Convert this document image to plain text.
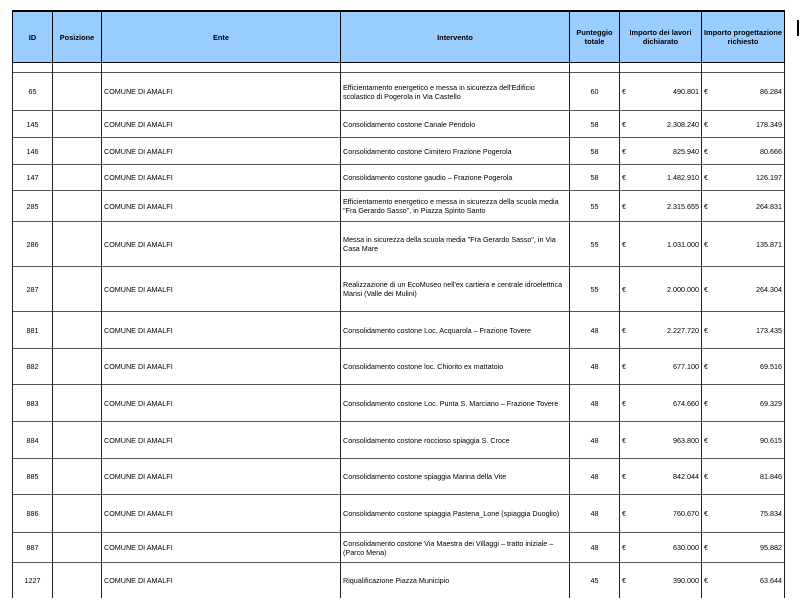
ID	Posizione	Ente	Intervento	Punteggio totale	Importo dei lavori dichiarato	Importo progettazione richiesto

65		COMUNE DI AMALFI	Efficientamento energetico e messa in sicurezza dell'Edificio scolastico di Pogerola in Via Castello	60	€ 490.801	€ 86.284

145		COMUNE DI AMALFI	Consolidamento costone Canale Pendolo	58	€ 2.308.240	€ 178.349

146		COMUNE DI AMALFI	Consolidamento costone Cimitero Frazione Pogerola	58	€ 825.940	€ 80.666

147		COMUNE DI AMALFI	Consolidamento costone gaudio – Frazione Pogerola	58	€ 1.482.910	€ 126.197

285		COMUNE DI AMALFI	Efficientamento energetico e messa in sicurezza della scuola media "Fra Gerardo Sasso", in Piazza Spirito Santo	55	€ 2.315.655	€ 264.831

286		COMUNE DI AMALFI	Messa in sicurezza della scuola media "Fra Gerardo Sasso", in Via Casa Mare	55	€ 1.031.000	€ 135.871

287		COMUNE DI AMALFI	Realizzazione di un EcoMuseo nell'ex cartiera e centrale idroelettrica Mansi (Valle dei Mulini)	55	€ 2.000.000	€ 264.304

881		COMUNE DI AMALFI	Consolidamento costone Loc. Acquarola – Frazione Tovere	48	€ 2.227.720	€ 173.435

882		COMUNE DI AMALFI	Consolidamento costone loc. Chiorito ex mattatoio	48	€ 677.100	€ 69.516

883		COMUNE DI AMALFI	Consolidamento costone Loc. Punta S. Marciano – Frazione Tovere	48	€ 674.660	€ 69.329

884		COMUNE DI AMALFI	Consolidamento costone roccioso spiaggia S. Croce	48	€ 963.800	€ 90.615

885		COMUNE DI AMALFI	Consolidamento costone spiaggia Marina della Vite	48	€ 842.044	€ 81.846

886		COMUNE DI AMALFI	Consolidamento costone spiaggia Pastena_Lone (spiaggia Duoglio)	48	€ 760.670	€ 75.834

887		COMUNE DI AMALFI	Consolidamento costone Via Maestra dei Villaggi – tratto iniziale – (Parco Mena)	48	€ 630.000	€ 95.882

1227		COMUNE DI AMALFI	Riqualificazione Piazza Municipio	45	€ 390.000	€ 63.644
